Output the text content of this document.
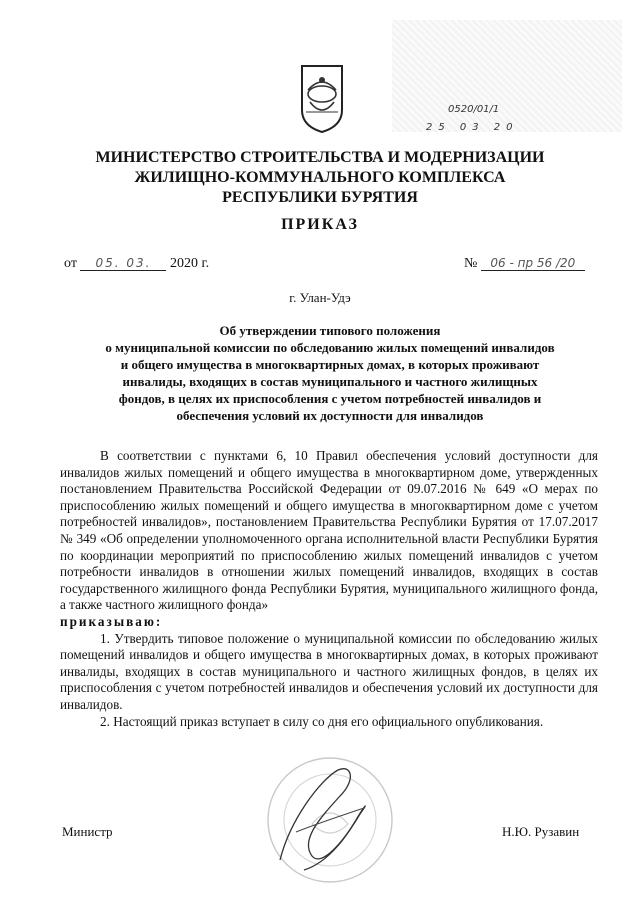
0520/01/1
25 03 20
МИНИСТЕРСТВО СТРОИТЕЛЬСТВА И МОДЕРНИЗАЦИИ
ЖИЛИЩНО-КОММУНАЛЬНОГО КОМПЛЕКСА
РЕСПУБЛИКИ БУРЯТИЯ
ПРИКАЗ
от 05. 03. 2020 г.	№ 06 - пр 56 /20
г. Улан-Удэ
Об утверждении типового положения
о муниципальной комиссии по обследованию жилых помещений инвалидов
и общего имущества в многоквартирных домах, в которых проживают
инвалиды, входящих в состав муниципального и частного жилищных
фондов, в целях их приспособления с учетом потребностей инвалидов и
обеспечения условий их доступности для инвалидов

В соответствии с пунктами 6, 10 Правил обеспечения условий доступности для инвалидов жилых помещений и общего имущества в многоквартирном доме, утвержденных постановлением Правительства Российской Федерации от 09.07.2016 № 649 «О мерах по приспособлению жилых помещений и общего имущества в многоквартирном доме с учетом потребностей инвалидов», постановлением Правительства Республики Бурятия от 17.07.2017 № 349 «Об определении уполномоченного органа исполнительной власти Республики Бурятия по координации мероприятий по приспособлению жилых помещений инвалидов с учетом потребности инвалидов в отношении жилых помещений инвалидов, входящих в состав государственного жилищного фонда Республики Бурятия, муниципального жилищного фонда, а также частного жилищного фонда»

приказываю:

1. Утвердить типовое положение о муниципальной комиссии по обследованию жилых помещений инвалидов и общего имущества в многоквартирных домах, в которых проживают инвалиды, входящих в состав муниципального и частного жилищных фондов, в целях их приспособления с учетом потребностей инвалидов и обеспечения условий их доступности для инвалидов.

2. Настоящий приказ вступает в силу со дня его официального опубликования.

Министр	Н.Ю. Рузавин
